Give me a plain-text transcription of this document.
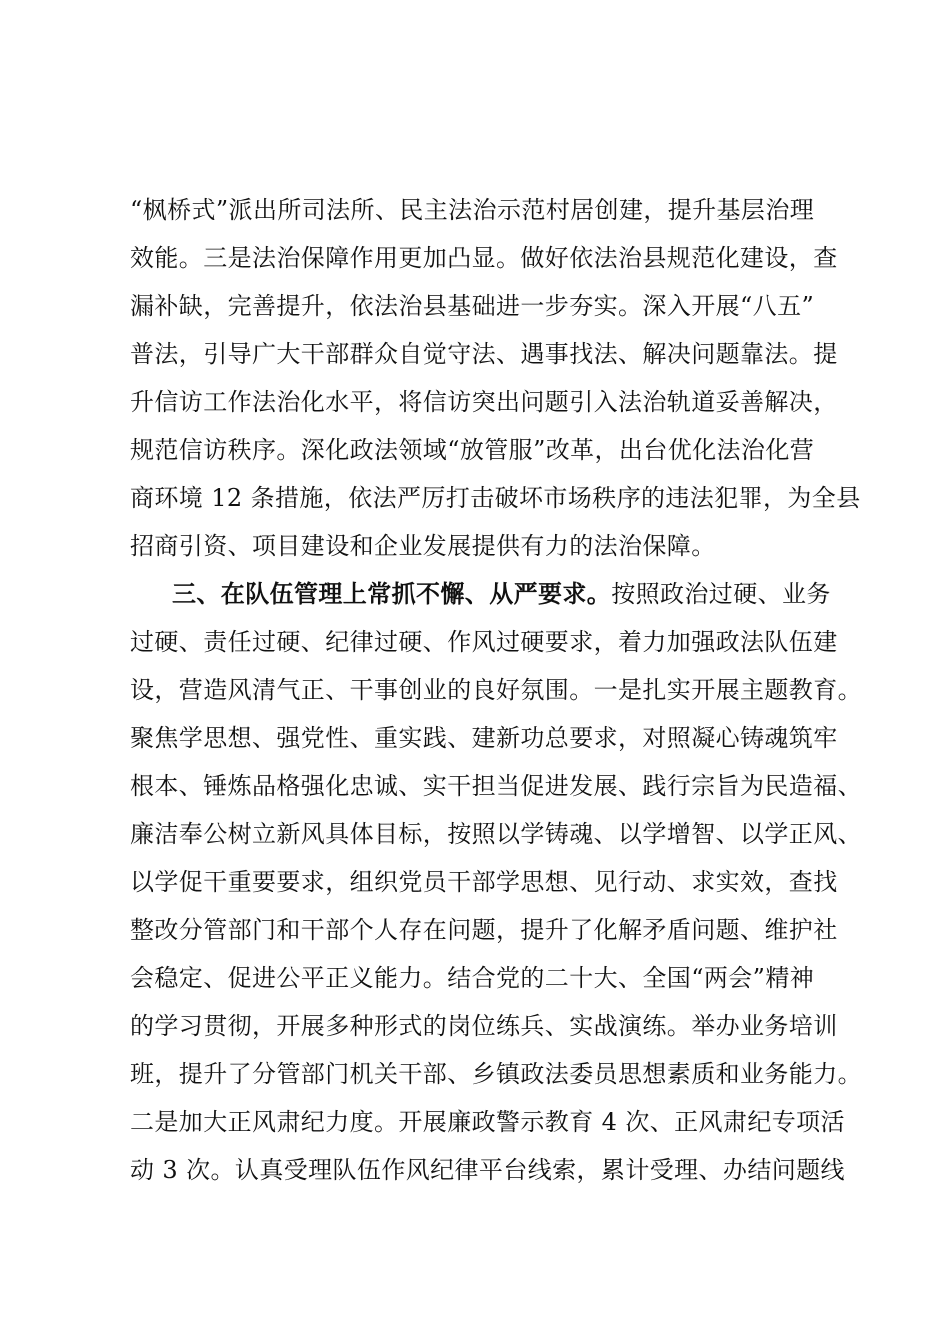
“枫桥式”派出所司法所、民主法治示范村居创建，提升基层治理
效能。三是法治保障作用更加凸显。做好依法治县规范化建设，查
漏补缺，完善提升，依法治县基础进一步夯实。深入开展“八五”
普法，引导广大干部群众自觉守法、遇事找法、解决问题靠法。提
升信访工作法治化水平，将信访突出问题引入法治轨道妥善解决，
规范信访秩序。深化政法领域“放管服”改革，出台优化法治化营
商环境 12 条措施，依法严厉打击破坏市场秩序的违法犯罪，为全县
招商引资、项目建设和企业发展提供有力的法治保障。
三、在队伍管理上常抓不懈、从严要求。按照政治过硬、业务
过硬、责任过硬、纪律过硬、作风过硬要求，着力加强政法队伍建
设，营造风清气正、干事创业的良好氛围。一是扎实开展主题教育。
聚焦学思想、强党性、重实践、建新功总要求，对照凝心铸魂筑牢
根本、锤炼品格强化忠诚、实干担当促进发展、践行宗旨为民造福、
廉洁奉公树立新风具体目标，按照以学铸魂、以学增智、以学正风、
以学促干重要要求，组织党员干部学思想、见行动、求实效，查找
整改分管部门和干部个人存在问题，提升了化解矛盾问题、维护社
会稳定、促进公平正义能力。结合党的二十大、全国“两会”精神
的学习贯彻，开展多种形式的岗位练兵、实战演练。举办业务培训
班，提升了分管部门机关干部、乡镇政法委员思想素质和业务能力。
二是加大正风肃纪力度。开展廉政警示教育 4 次、正风肃纪专项活
动 3 次。认真受理队伍作风纪律平台线索，累计受理、办结问题线
